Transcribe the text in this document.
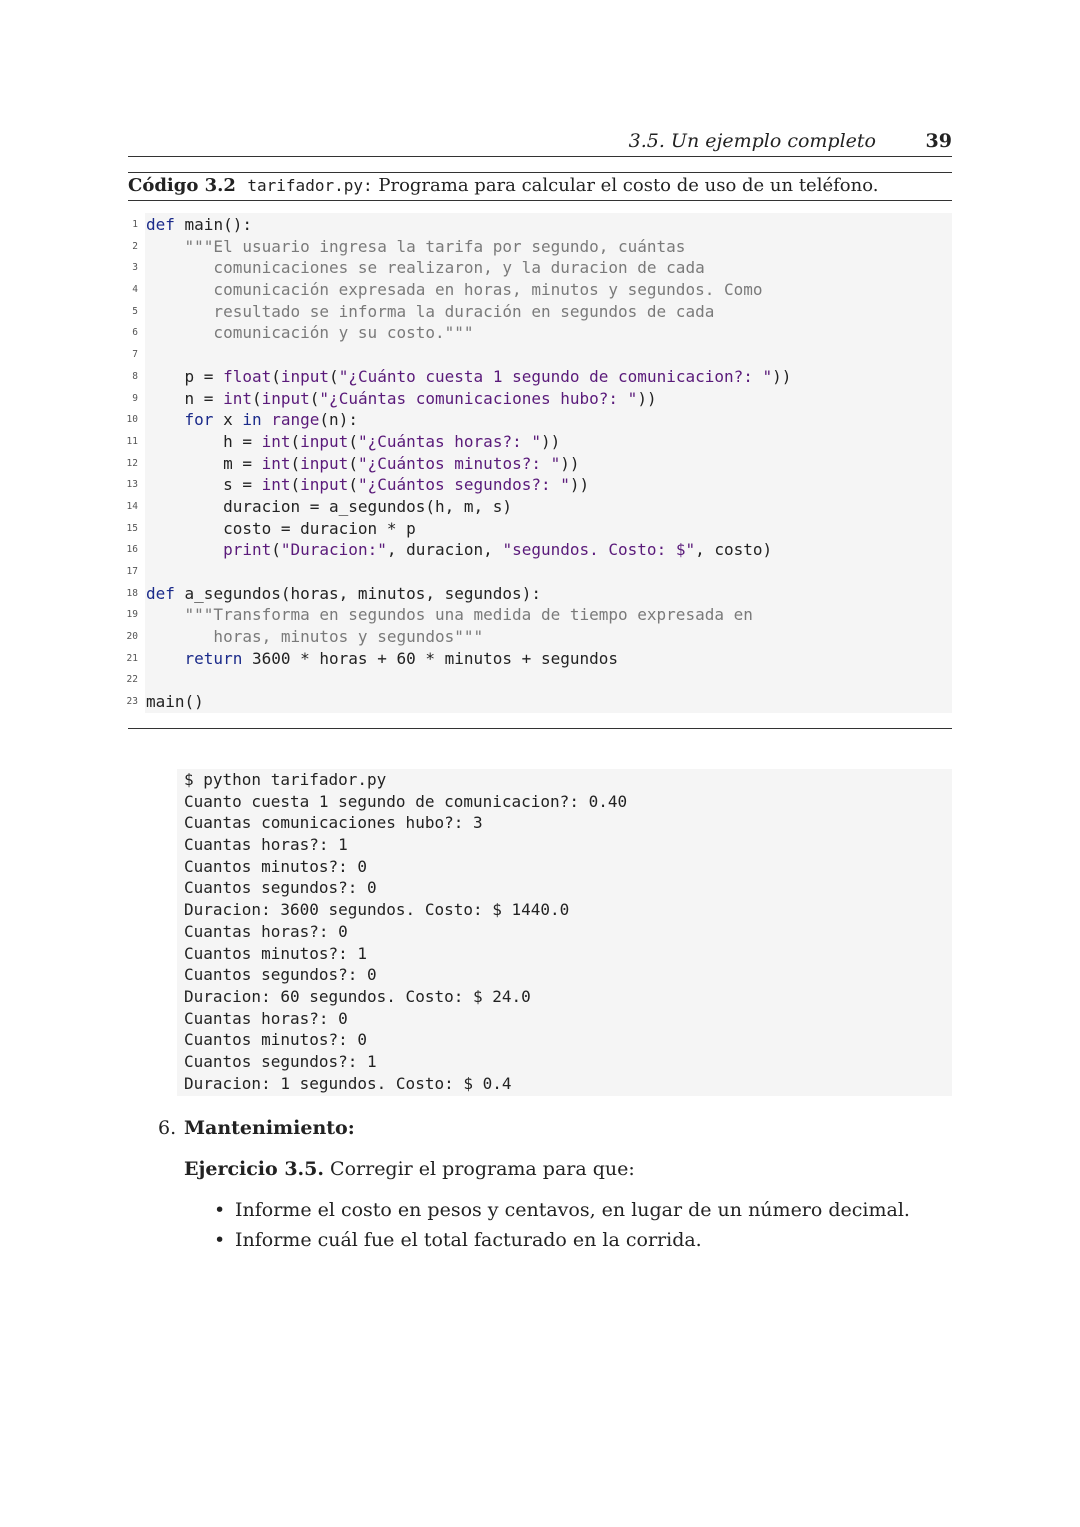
3.5. Un ejemplo completo	39
Código 3.2 tarifador.py: Programa para calcular el costo de uso de un teléfono.
1 def main():
2    """El usuario ingresa la tarifa por segundo, cuántas
3       comunicaciones se realizaron, y la duracion de cada
4       comunicación expresada en horas, minutos y segundos. Como
5       resultado se informa la duración en segundos de cada
6       comunicación y su costo."""
7
8    p = float(input("¿Cuánto cuesta 1 segundo de comunicacion?: "))
9    n = int(input("¿Cuántas comunicaciones hubo?: "))
10	for x in range(n):
11        h = int(input("¿Cuántas horas?: "))
12        m = int(input("¿Cuántos minutos?: "))
13        s = int(input("¿Cuántos segundos?: "))
14        duracion = a_segundos(h, m, s)
15        costo = duracion * p
16	print("Duracion:", duracion, "segundos. Costo: $", costo)
17
18 def a_segundos(horas, minutos, segundos):
19    """Transforma en segundos una medida de tiempo expresada en
20       horas, minutos y segundos"""
21	return 3600 * horas + 60 * minutos + segundos
22
23 main()
$ python tarifador.py
Cuanto cuesta 1 segundo de comunicacion?: 0.40
Cuantas comunicaciones hubo?: 3
Cuantas horas?: 1
Cuantos minutos?: 0
Cuantos segundos?: 0
Duracion: 3600 segundos. Costo: $ 1440.0
Cuantas horas?: 0
Cuantos minutos?: 1
Cuantos segundos?: 0
Duracion: 60 segundos. Costo: $ 24.0
Cuantas horas?: 0
Cuantos minutos?: 0
Cuantos segundos?: 1
Duracion: 1 segundos. Costo: $ 0.4
6. Mantenimiento:
Ejercicio 3.5. Corregir el programa para que:
• Informe el costo en pesos y centavos, en lugar de un número decimal.
• Informe cuál fue el total facturado en la corrida.
